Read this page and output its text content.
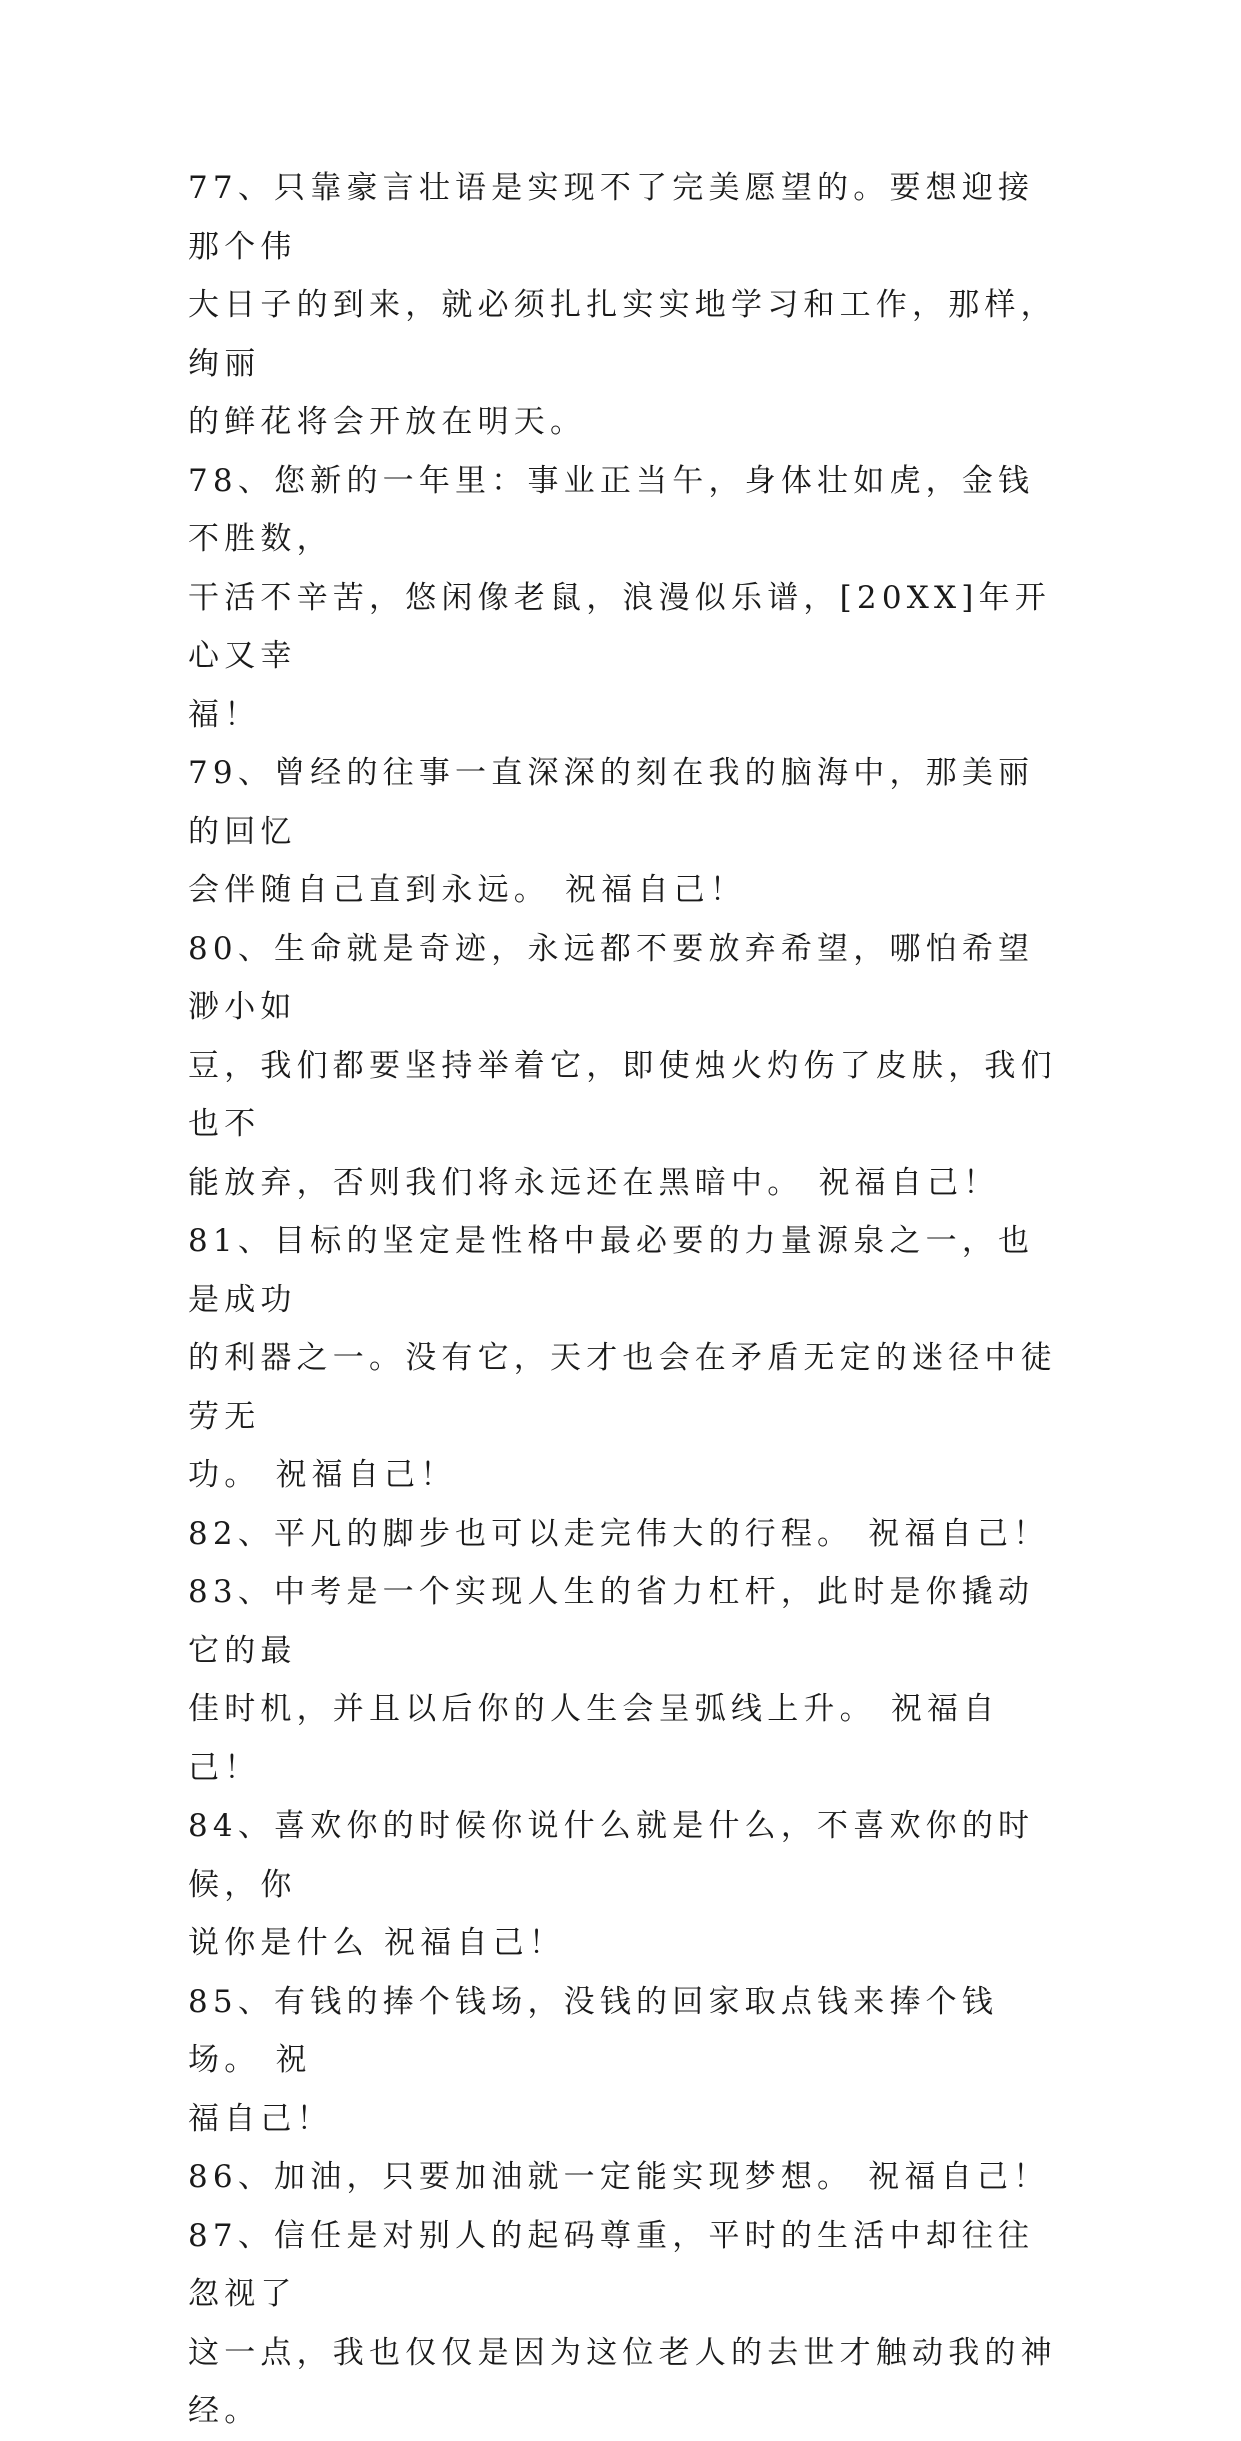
77、只靠豪言壮语是实现不了完美愿望的。要想迎接那个伟
大日子的到来，就必须扎扎实实地学习和工作，那样，绚丽
的鲜花将会开放在明天。

78、您新的一年里：事业正当午，身体壮如虎，金钱不胜数，
干活不辛苦，悠闲像老鼠，浪漫似乐谱，[20XX]年开心又幸
福！

79、曾经的往事一直深深的刻在我的脑海中，那美丽的回忆
会伴随自己直到永远。 祝福自己！

80、生命就是奇迹，永远都不要放弃希望，哪怕希望渺小如
豆，我们都要坚持举着它，即使烛火灼伤了皮肤，我们也不
能放弃，否则我们将永远还在黑暗中。 祝福自己！

81、目标的坚定是性格中最必要的力量源泉之一，也是成功
的利器之一。没有它，天才也会在矛盾无定的迷径中徒劳无
功。 祝福自己！

82、平凡的脚步也可以走完伟大的行程。 祝福自己！

83、中考是一个实现人生的省力杠杆，此时是你撬动它的最
佳时机，并且以后你的人生会呈弧线上升。 祝福自己！

84、喜欢你的时候你说什么就是什么，不喜欢你的时候，你
说你是什么 祝福自己！

85、有钱的捧个钱场，没钱的回家取点钱来捧个钱场。 祝
福自己！

86、加油，只要加油就一定能实现梦想。 祝福自己！

87、信任是对别人的起码尊重，平时的生活中却往往忽视了
这一点，我也仅仅是因为这位老人的去世才触动我的神经。
